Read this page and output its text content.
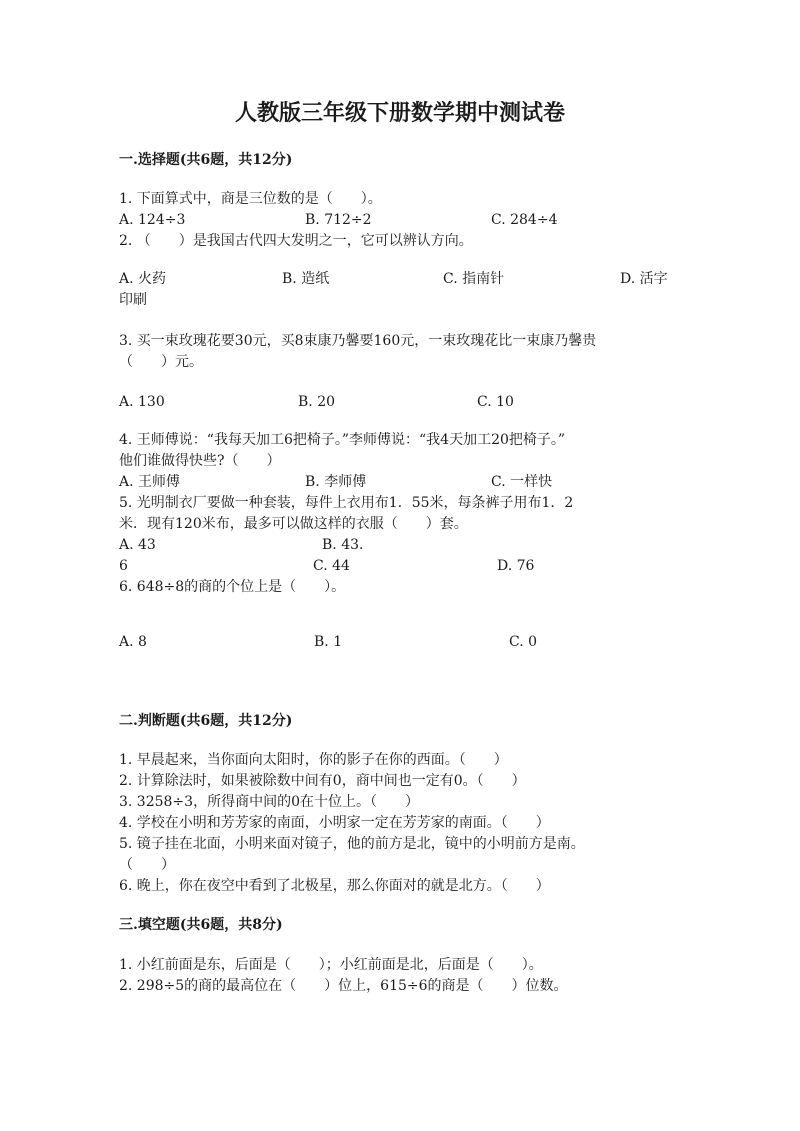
人教版三年级下册数学期中测试卷
一.选择题(共6题，共12分)
1. 下面算式中，商是三位数的是（　　）。
A. 124÷3	B. 712÷2	C. 284÷4
2. （　　）是我国古代四大发明之一，它可以辨认方向。
A. 火药	B. 造纸	C. 指南针	D. 活字
印刷
3. 买一束玫瑰花要30元，买8束康乃馨要160元，一束玫瑰花比一束康乃馨贵
（　　）元。
A. 130	B. 20	C. 10
4. 王师傅说：“我每天加工6把椅子。”李师傅说：“我4天加工20把椅子。”
他们谁做得快些?（　　）
A. 王师傅	B. 李师傅	C. 一样快
5. 光明制衣厂要做一种套装，每件上衣用布1．55米，每条裤子用布1．2
米．现有120米布，最多可以做这样的衣服（　　）套。
A. 43	B. 43.
6	C. 44	D. 76
6. 648÷8的商的个位上是（　　）。
A. 8	B. 1	C. 0
二.判断题(共6题，共12分)
1. 早晨起来，当你面向太阳时，你的影子在你的西面。（　　）
2. 计算除法时，如果被除数中间有0，商中间也一定有0。（　　）
3. 3258÷3，所得商中间的0在十位上。（　　）
4. 学校在小明和芳芳家的南面，小明家一定在芳芳家的南面。（　　）
5. 镜子挂在北面，小明来面对镜子，他的前方是北，镜中的小明前方是南。
（　　）
6. 晚上，你在夜空中看到了北极星，那么你面对的就是北方。（　　）
三.填空题(共6题，共8分)
1. 小红前面是东，后面是（　　）；小红前面是北，后面是（　　）。
2. 298÷5的商的最高位在（　　）位上，615÷6的商是（　　）位数。
